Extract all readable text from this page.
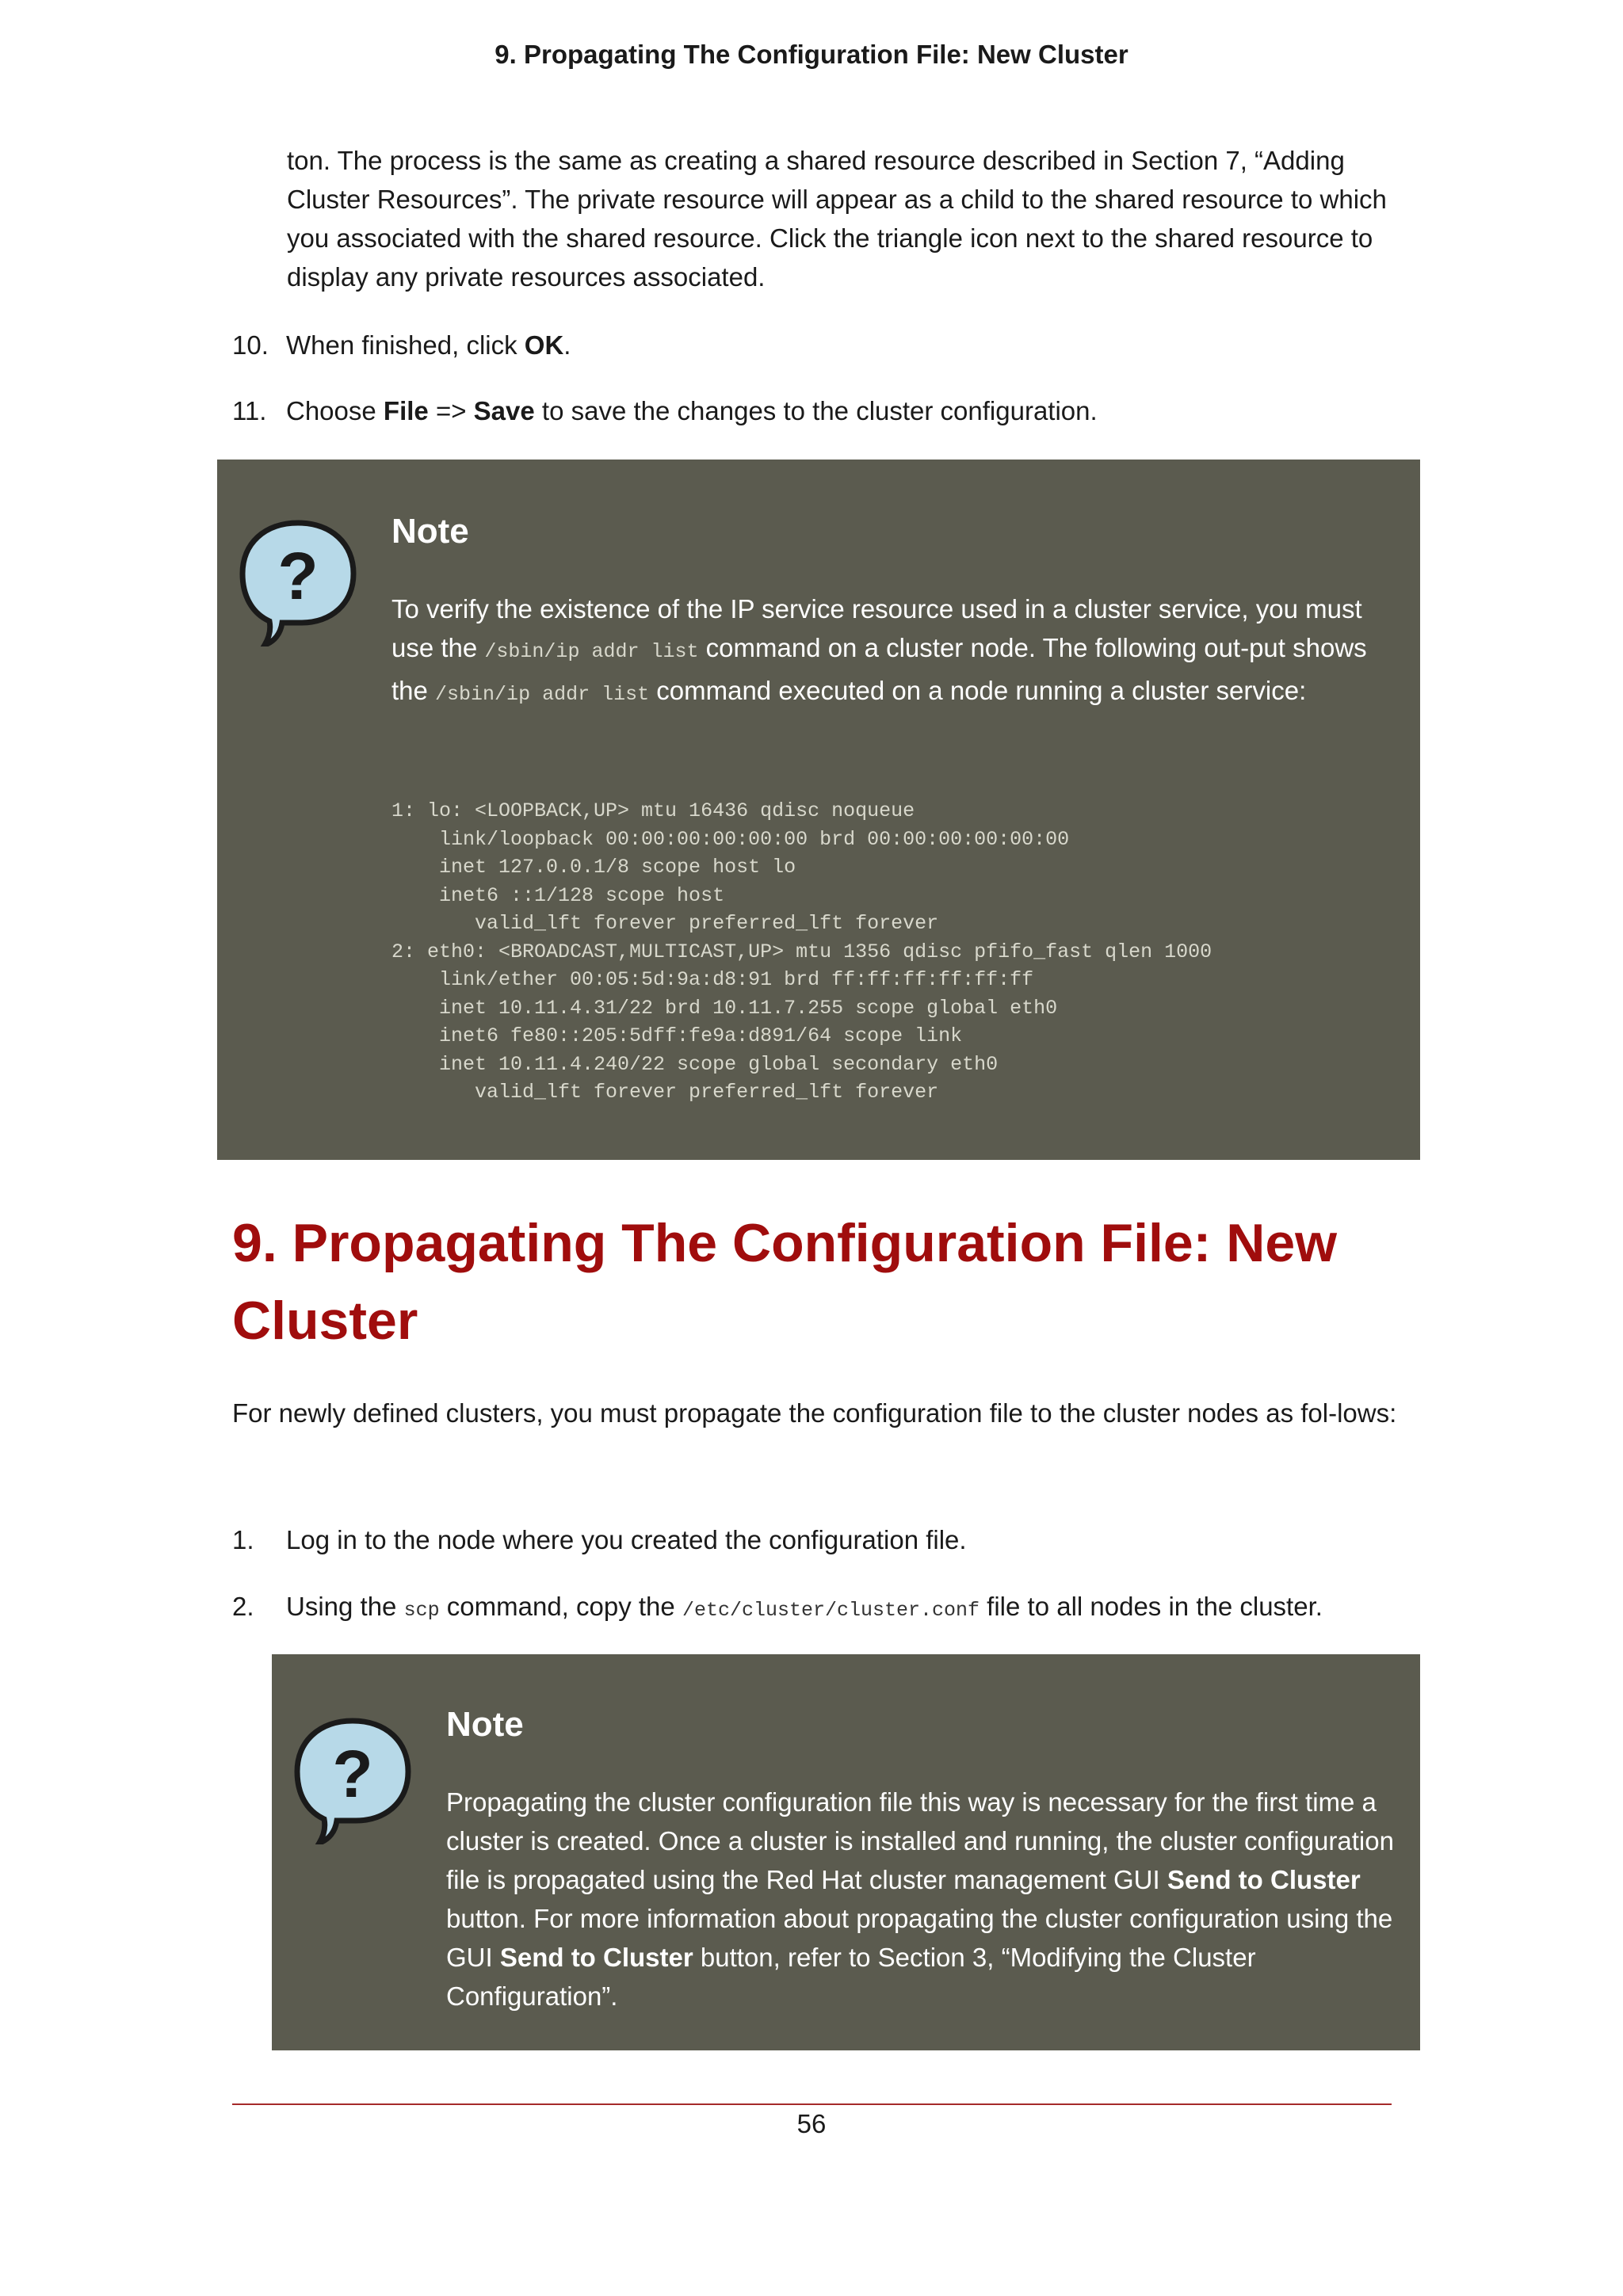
9. Propagating The Configuration File: New Cluster

ton. The process is the same as creating a shared resource described in Section 7, “Adding Cluster Resources”. The private resource will appear as a child to the shared resource to which you associated with the shared resource. Click the triangle icon next to the shared resource to display any private resources associated.

10. When finished, click OK.
11. Choose File => Save to save the changes to the cluster configuration.
?
Note

To verify the existence of the IP service resource used in a cluster service, you must use the /sbin/ip addr list command on a cluster node. The following out-put shows the /sbin/ip addr list command executed on a node running a cluster service:

1: lo: <LOOPBACK,UP> mtu 16436 qdisc noqueue
link/loopback 00:00:00:00:00:00 brd 00:00:00:00:00:00
inet 127.0.0.1/8 scope host lo
inet6 ::1/128 scope host
valid_lft forever preferred_lft forever
2: eth0: <BROADCAST,MULTICAST,UP> mtu 1356 qdisc pfifo_fast qlen 1000
link/ether 00:05:5d:9a:d8:91 brd ff:ff:ff:ff:ff:ff
inet 10.11.4.31/22 brd 10.11.7.255 scope global eth0
inet6 fe80::205:5dff:fe9a:d891/64 scope link
inet 10.11.4.240/22 scope global secondary eth0
valid_lft forever preferred_lft forever
9. Propagating The Configuration File: New Cluster

For newly defined clusters, you must propagate the configuration file to the cluster nodes as fol-lows:

1. Log in to the node where you created the configuration file.
2. Using the scp command, copy the /etc/cluster/cluster.conf file to all nodes in the cluster.
?
Note

Propagating the cluster configuration file this way is necessary for the first time a cluster is created. Once a cluster is installed and running, the cluster configuration file is propagated using the Red Hat cluster management GUI Send to Cluster button. For more information about propagating the cluster configuration using the GUI Send to Cluster button, refer to Section 3, “Modifying the Cluster Configuration”.

56
